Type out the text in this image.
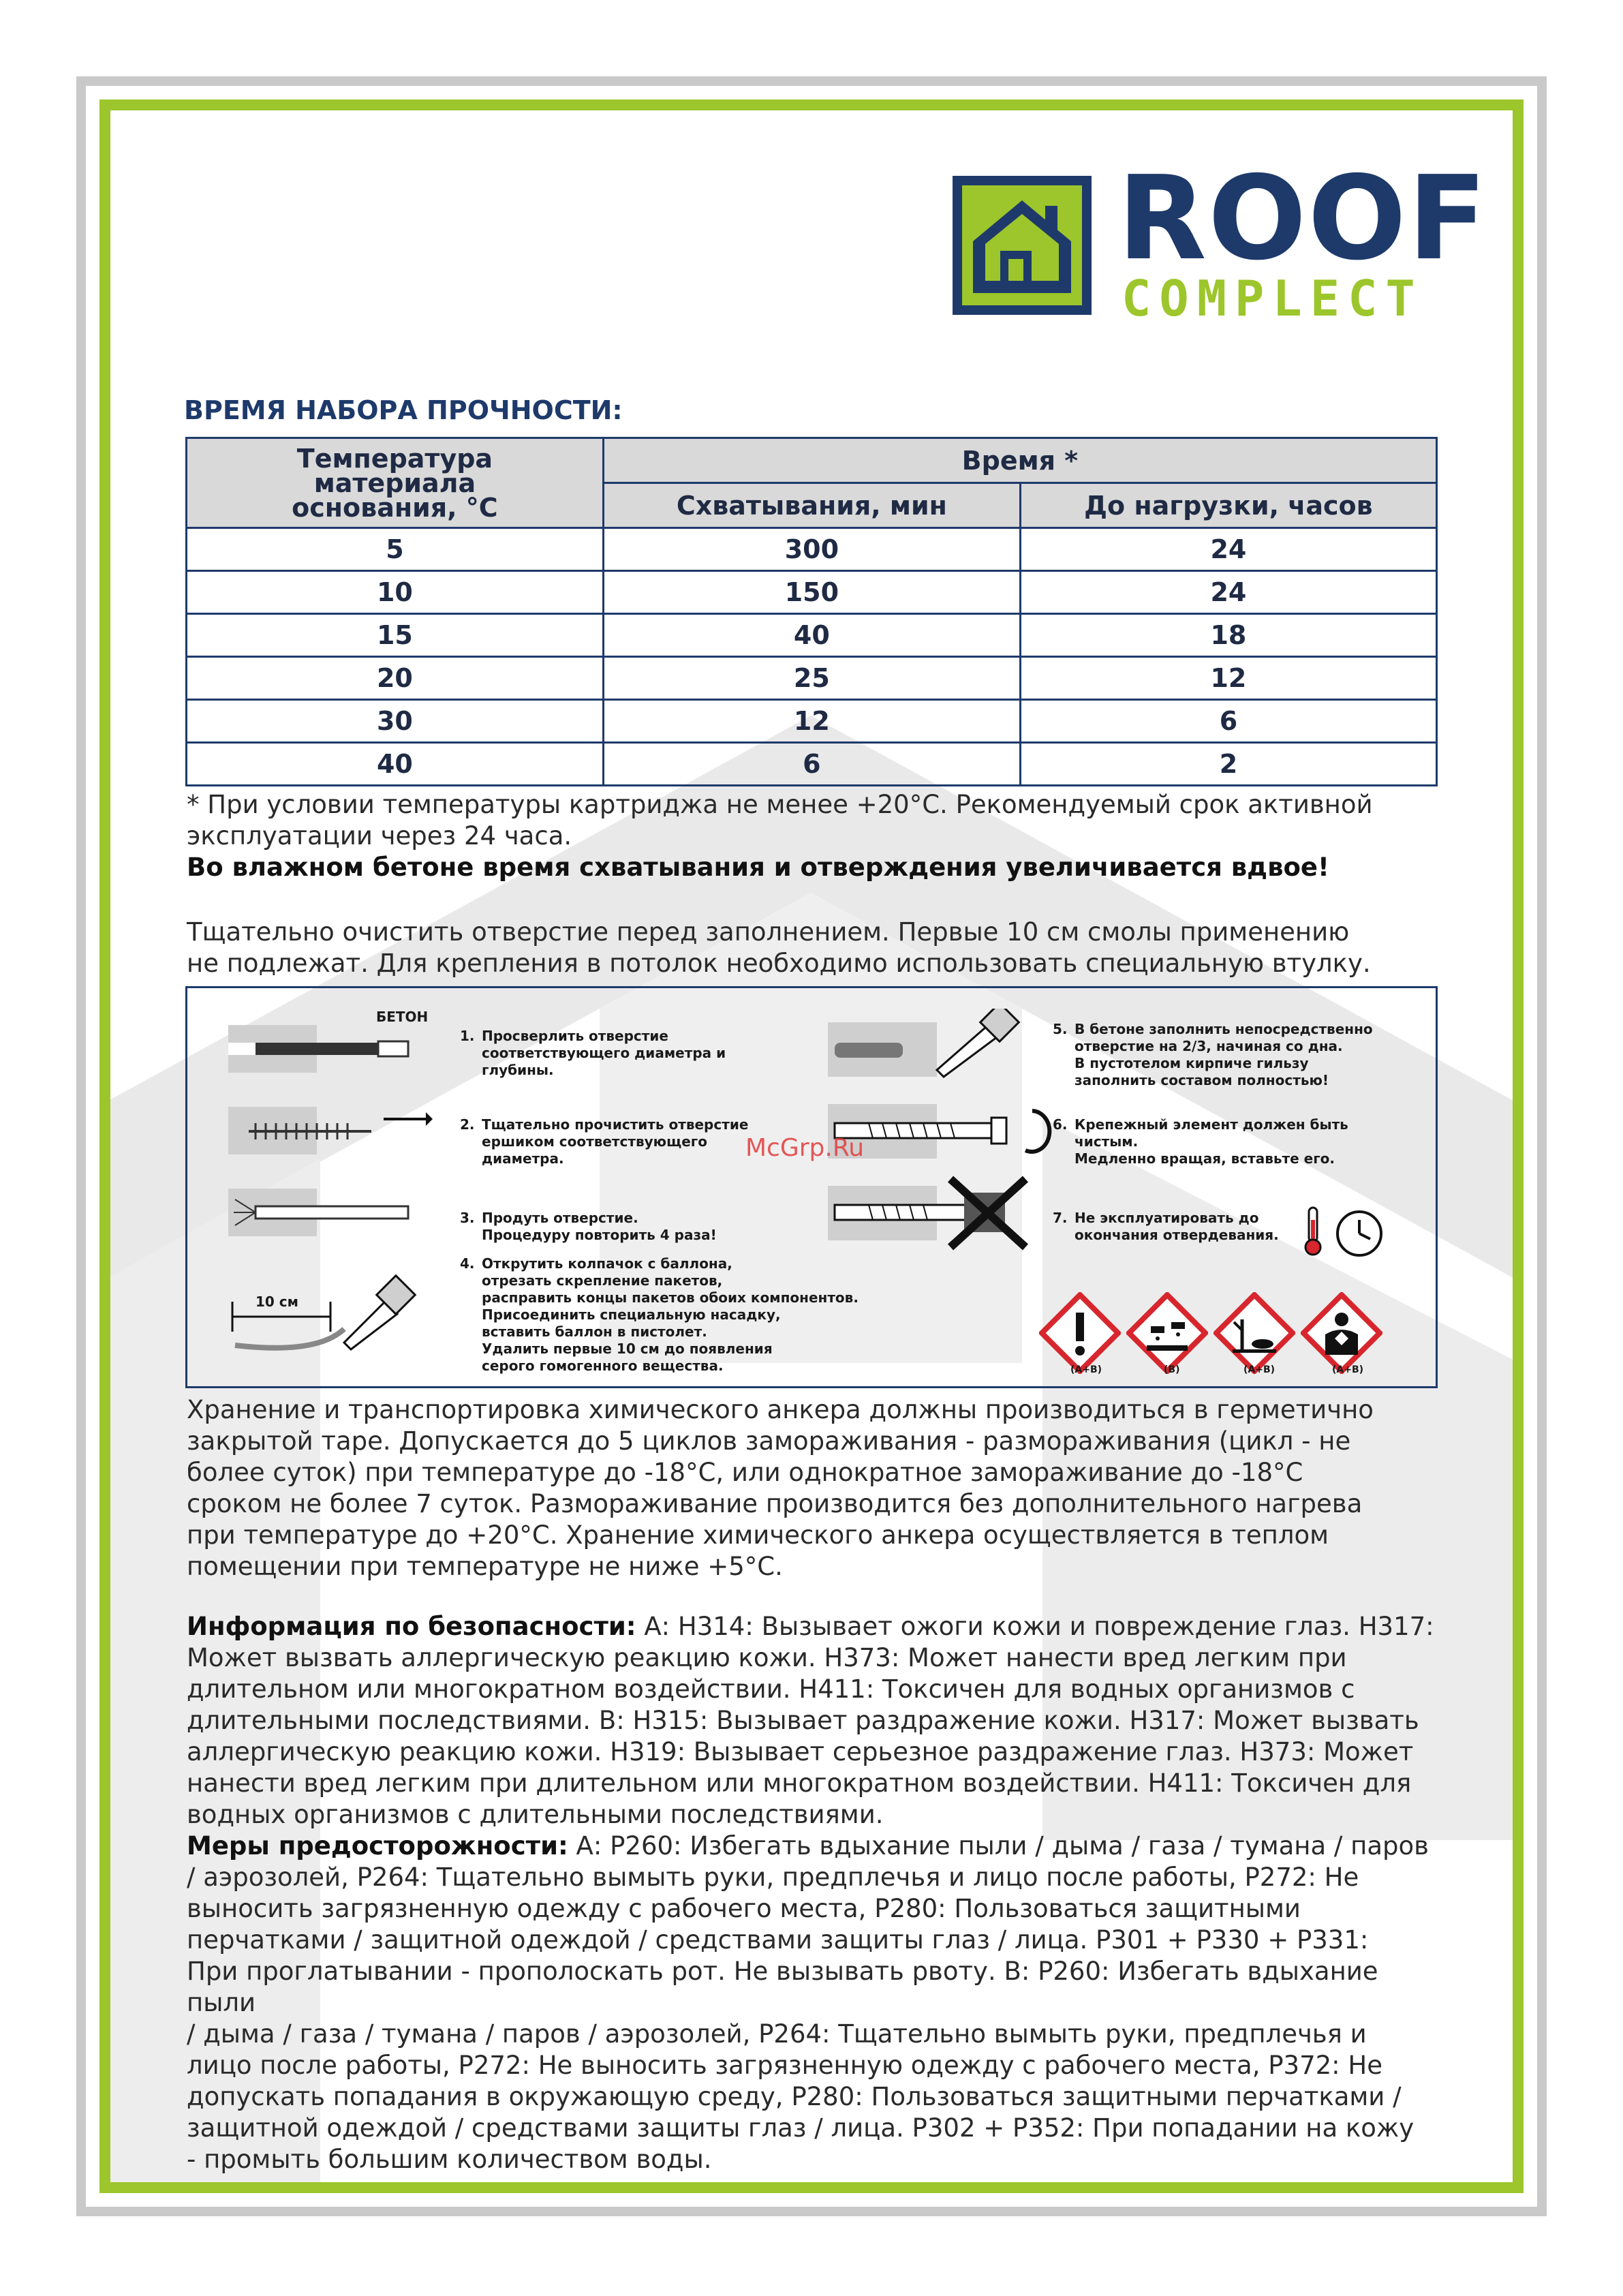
ROOF
COMPLECT
ВРЕМЯ НАБОРА ПРОЧНОСТИ:
Температура
материала
основания, °C	Время *	
	Схватывания, мин	До нагрузки, часов
5	300	24
10	150	24
15	40	18
20	25	12
30	12	6
40	6	2
* При условии температуры картриджа не менее +20°С. Рекомендуемый срок активной
эксплуатации через 24 часа.
Во влажном бетоне время схватывания и отверждения увеличивается вдвое!
Тщательно очистить отверстие перед заполнением. Первые 10 см смолы применению
не подлежат. Для крепления в потолок необходимо использовать специальную втулку.
БЕТОН
10 см
1. Просверлить отверстие
соответствующего диаметра и
глубины.
2. Тщательно прочистить отверстие
ершиком соответствующего
диаметра.
3. Продуть отверстие.
Процедуру повторить 4 раза!
4. Открутить колпачок с баллона,
отрезать скрепление пакетов,
расправить концы пакетов обоих компонентов.
Присоединить специальную насадку,
вставить баллон в пистолет.
Удалить первые 10 см до появления
серого гомогенного вещества.
5. В бетоне заполнить непосредственно
отверстие на 2/3, начиная со дна.
В пустотелом кирпиче гильзу
заполнить составом полностью!
6. Крепежный элемент должен быть
чистым.
Медленно вращая, вставьте его.
7. Не эксплуатировать до
окончания отвердевания.
(A+B)	(B)	(A+B)	(A+B)
McGrp.Ru
Хранение и транспортировка химического анкера должны производиться в герметично
закрытой таре. Допускается до 5 циклов замораживания - размораживания (цикл - не
более суток) при температуре до -18°С, или однократное замораживание до -18°С
сроком не более 7 суток. Размораживание производится без дополнительного нагрева
при температуре до +20°С. Хранение химического анкера осуществляется в теплом
помещении при температуре не ниже +5°С.
Информация по безопасности: А: H314: Вызывает ожоги кожи и повреждение глаз. H317:
Может вызвать аллергическую реакцию кожи. H373: Может нанести вред легким при
длительном или многократном воздействии. H411: Токсичен для водных организмов с
длительными последствиями. В: H315: Вызывает раздражение кожи. H317: Может вызвать
аллергическую реакцию кожи. H319: Вызывает серьезное раздражение глаз. H373: Может
нанести вред легким при длительном или многократном воздействии. H411: Токсичен для
водных организмов с длительными последствиями.
Меры предосторожности: А: P260: Избегать вдыхание пыли / дыма / газа / тумана / паров
/ аэрозолей, P264: Тщательно вымыть руки, предплечья и лицо после работы, P272: Не
выносить загрязненную одежду с рабочего места, P280: Пользоваться защитными
перчатками / защитной одеждой / средствами защиты глаз / лица. P301 + P330 + P331:
При проглатывании - прополоскать рот. Не вызывать рвоту. В: P260: Избегать вдыхание пыли
/ дыма / газа / тумана / паров / аэрозолей, P264: Тщательно вымыть руки, предплечья и
лицо после работы, P272: Не выносить загрязненную одежду с рабочего места, P372: Не
допускать попадания в окружающую среду, P280: Пользоваться защитными перчатками /
защитной одеждой / средствами защиты глаз / лица. P302 + P352: При попадании на кожу
- промыть большим количеством воды.
